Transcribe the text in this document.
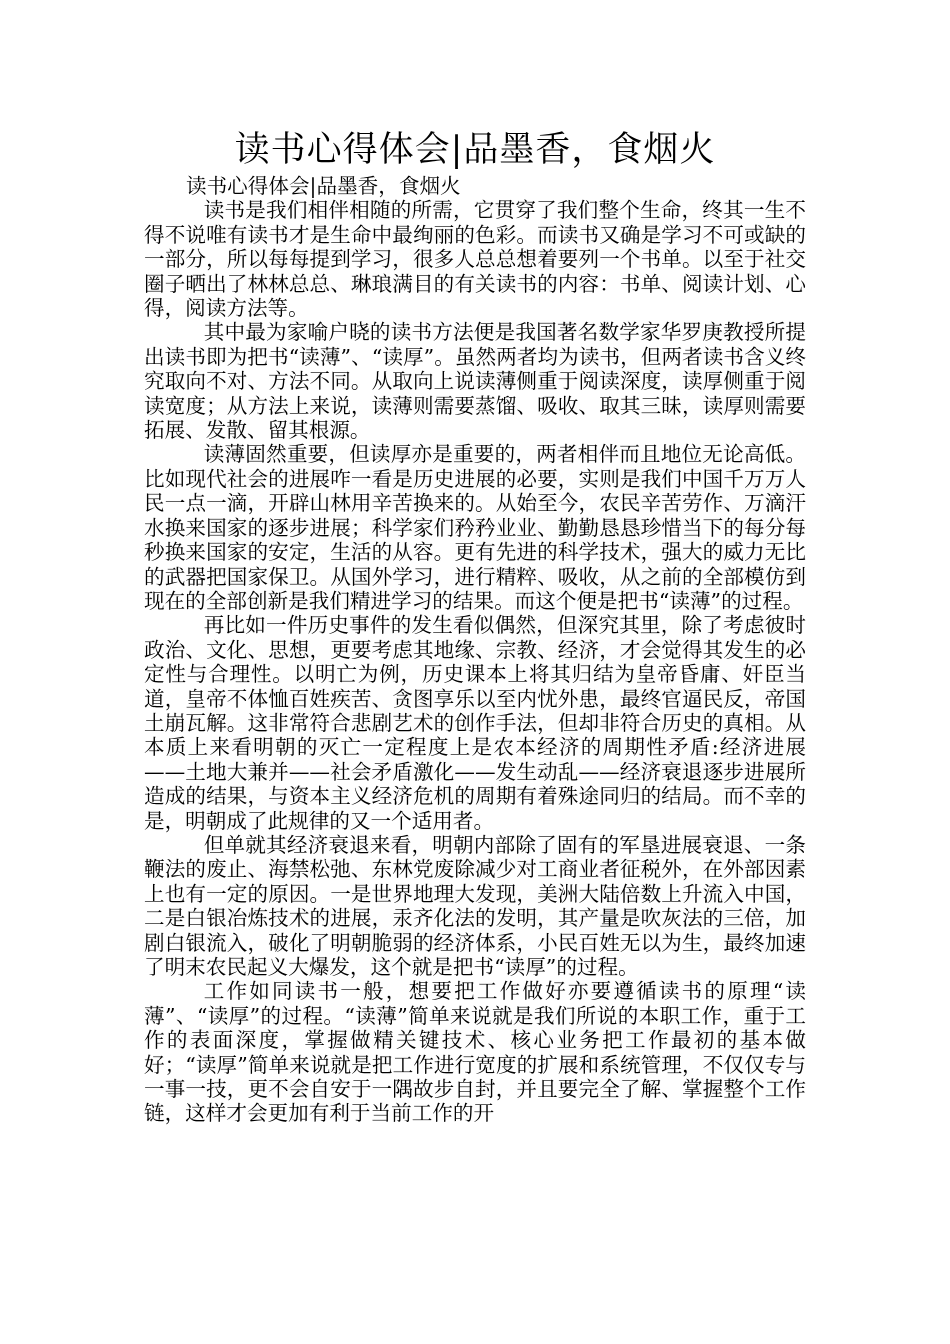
读书心得体会|品墨香，食烟火

读书心得体会|品墨香，食烟火

读书是我们相伴相随的所需，它贯穿了我们整个生命，终其一生不得不说唯有读书才是生命中最绚丽的色彩。而读书又确是学习不可或缺的一部分，所以每每提到学习，很多人总总想着要列一个书单。以至于社交圈子晒出了林林总总、琳琅满目的有关读书的内容：书单、阅读计划、心得，阅读方法等。

其中最为家喻户晓的读书方法便是我国著名数学家华罗庚教授所提出读书即为把书“读薄”、“读厚”。虽然两者均为读书，但两者读书含义终究取向不对、方法不同。从取向上说读薄侧重于阅读深度，读厚侧重于阅读宽度；从方法上来说，读薄则需要蒸馏、吸收、取其三昧，读厚则需要拓展、发散、留其根源。

读薄固然重要，但读厚亦是重要的，两者相伴而且地位无论高低。比如现代社会的进展咋一看是历史进展的必要，实则是我们中国千万万人民一点一滴，开辟山林用辛苦换来的。从始至今，农民辛苦劳作、万滴汗水换来国家的逐步进展；科学家们矜矜业业、勤勤恳恳珍惜当下的每分每秒换来国家的安定，生活的从容。更有先进的科学技术，强大的威力无比的武器把国家保卫。从国外学习，进行精粹、吸收，从之前的全部模仿到现在的全部创新是我们精进学习的结果。而这个便是把书“读薄”的过程。

再比如一件历史事件的发生看似偶然，但深究其里，除了考虑彼时政治、文化、思想，更要考虑其地缘、宗教、经济，才会觉得其发生的必定性与合理性。以明亡为例，历史课本上将其归结为皇帝昏庸、奸臣当道，皇帝不体恤百姓疾苦、贪图享乐以至内忧外患，最终官逼民反，帝国土崩瓦解。这非常符合悲剧艺术的创作手法，但却非符合历史的真相。从本质上来看明朝的灭亡一定程度上是农本经济的周期性矛盾:经济进展——土地大兼并——社会矛盾激化——发生动乱——经济衰退逐步进展所造成的结果，与资本主义经济危机的周期有着殊途同归的结局。而不幸的是，明朝成了此规律的又一个适用者。

但单就其经济衰退来看，明朝内部除了固有的军垦进展衰退、一条鞭法的废止、海禁松弛、东林党废除减少对工商业者征税外，在外部因素上也有一定的原因。一是世界地理大发现，美洲大陆倍数上升流入中国，二是白银冶炼技术的进展，汞齐化法的发明，其产量是吹灰法的三倍，加剧白银流入，破化了明朝脆弱的经济体系，小民百姓无以为生，最终加速了明末农民起义大爆发，这个就是把书“读厚”的过程。

工作如同读书一般，想要把工作做好亦要遵循读书的原理“读薄”、“读厚”的过程。“读薄”简单来说就是我们所说的本职工作，重于工作的表面深度，掌握做精关键技术、核心业务把工作最初的基本做好；“读厚”简单来说就是把工作进行宽度的扩展和系统管理，不仅仅专与一事一技，更不会自安于一隅故步自封，并且要完全了解、掌握整个工作链，这样才会更加有利于当前工作的开
